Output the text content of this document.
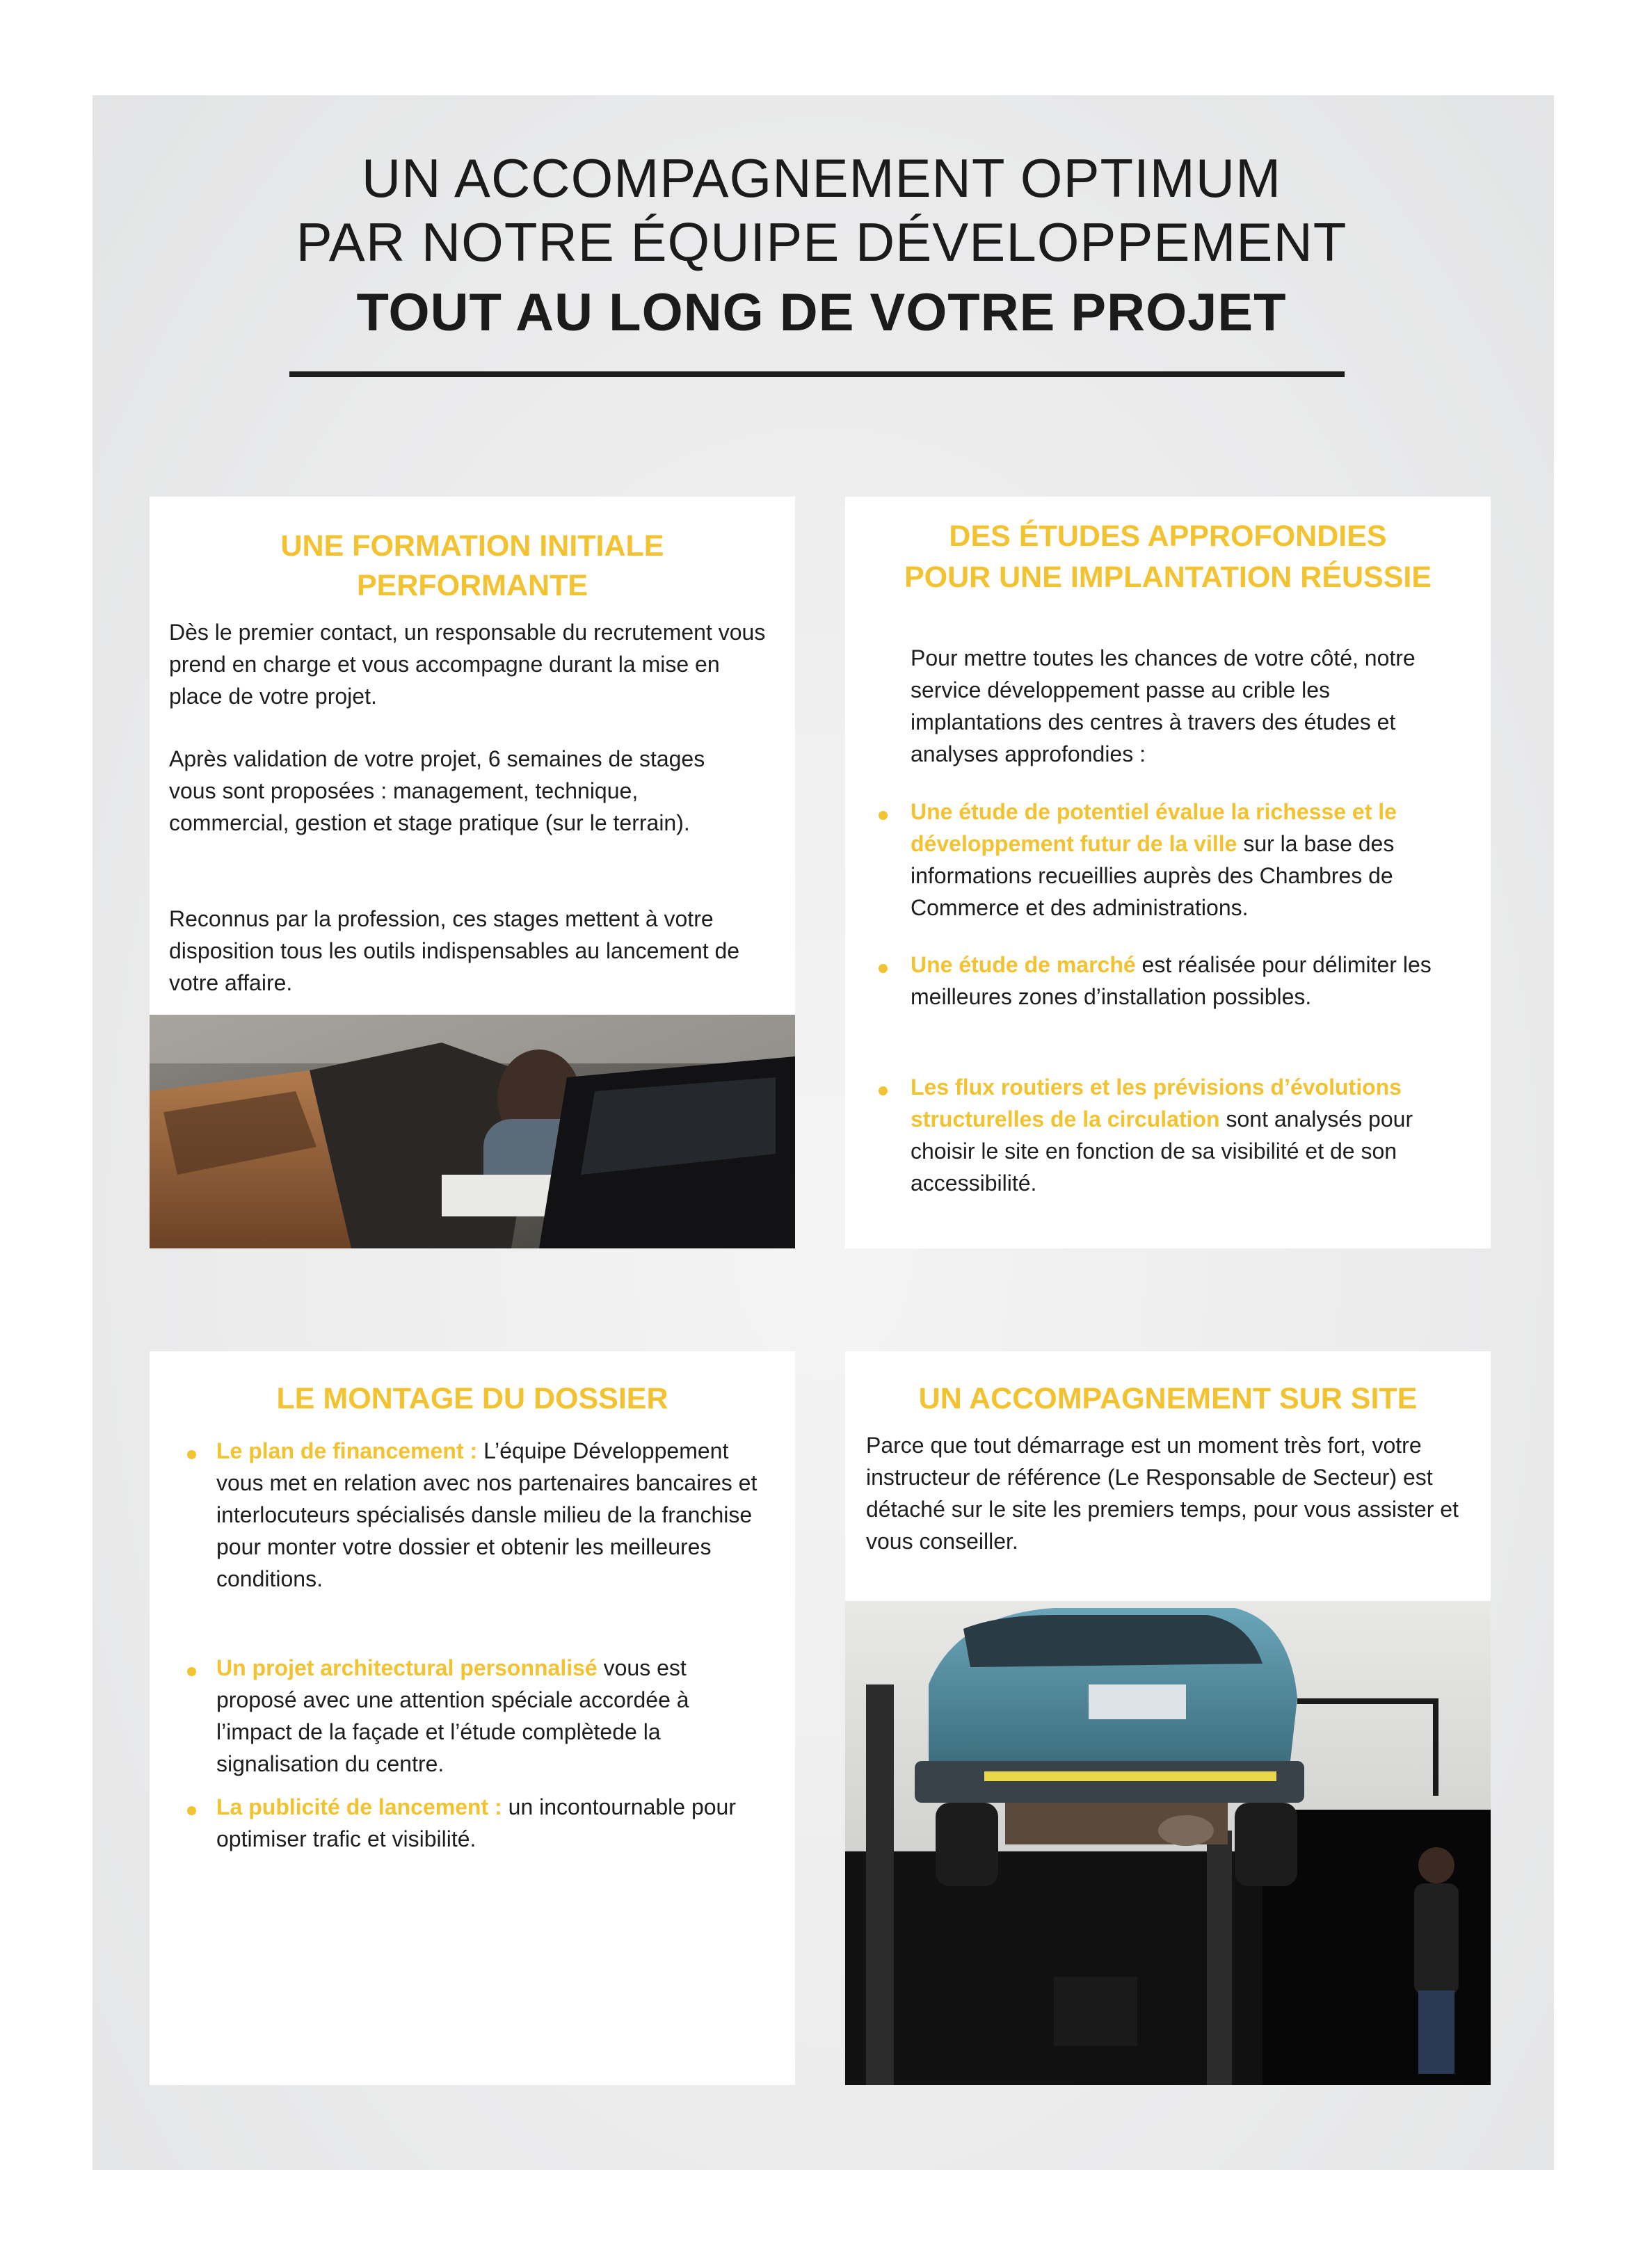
UN ACCOMPAGNEMENT OPTIMUM
PAR NOTRE ÉQUIPE DÉVELOPPEMENT
TOUT AU LONG DE VOTRE PROJET
UNE FORMATION INITIALE
PERFORMANTE

Dès le premier contact, un responsable du recrutement vous prend en charge et vous accompagne durant la mise en place de votre projet.

Après validation de votre projet, 6 semaines de stages vous sont proposées : management, technique, commercial, gestion et stage pratique (sur le terrain).

Reconnus par la profession, ces stages mettent à votre disposition tous les outils indispensables au lancement de votre affaire.

DES ÉTUDES APPROFONDIES
POUR UNE IMPLANTATION RÉUSSIE

Pour mettre toutes les chances de votre côté, notre service développement passe au crible les implantations des centres à travers des études et analyses approfondies :

Une étude de potentiel évalue la richesse et le développement futur de la ville sur la base des informations recueillies auprès des Chambres de Commerce et des administrations.

Une étude de marché est réalisée pour délimiter les meilleures zones d’installation possibles.

Les flux routiers et les prévisions d’évolutions structurelles de la circulation sont analysés pour choisir le site en fonction de sa visibilité et de son accessibilité.

LE MONTAGE DU DOSSIER

Le plan de financement : L’équipe Développement vous met en relation avec nos partenaires bancaires et interlocuteurs spécialisés dansle milieu de la franchise pour monter votre dossier et obtenir les meilleures conditions.

Un projet architectural personnalisé vous est proposé avec une attention spéciale accordée à l’impact de la façade et l’étude complètede la signalisation du centre.

La publicité de lancement : un incontournable pour optimiser trafic et visibilité.

UN ACCOMPAGNEMENT SUR SITE

Parce que tout démarrage est un moment très fort, votre instructeur de référence (Le Responsable de Secteur) est détaché sur le site les premiers temps, pour vous assister et vous conseiller.
